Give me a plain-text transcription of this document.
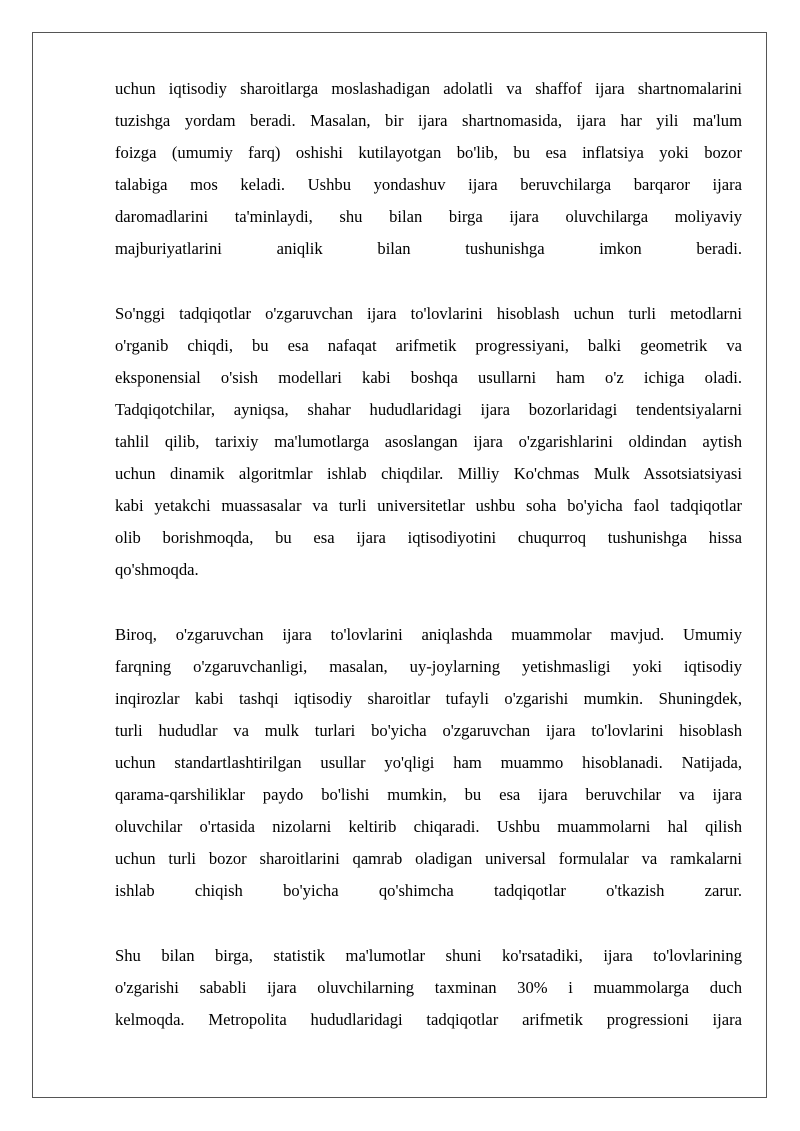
uchun iqtisodiy sharoitlarga moslashadigan adolatli va shaffof ijara shartnomalarini
tuzishga yordam beradi. Masalan, bir ijara shartnomasida, ijara har yili ma'lum
foizga (umumiy farq) oshishi kutilayotgan bo'lib, bu esa inflatsiya yoki bozor
talabiga mos keladi. Ushbu yondashuv ijara beruvchilarga barqaror ijara
daromadlarini ta'minlaydi, shu bilan birga ijara oluvchilarga moliyaviy
majburiyatlarini aniqlik bilan tushunishga imkon beradi.

So'nggi tadqiqotlar o'zgaruvchan ijara to'lovlarini hisoblash uchun turli metodlarni
o'rganib chiqdi, bu esa nafaqat arifmetik progressiyani, balki geometrik va
eksponensial o'sish modellari kabi boshqa usullarni ham o'z ichiga oladi.
Tadqiqotchilar, ayniqsa, shahar hududlaridagi ijara bozorlaridagi tendentsiyalarni
tahlil qilib, tarixiy ma'lumotlarga asoslangan ijara o'zgarishlarini oldindan aytish
uchun dinamik algoritmlar ishlab chiqdilar. Milliy Ko'chmas Mulk Assotsiatsiyasi
kabi yetakchi muassasalar va turli universitetlar ushbu soha bo'yicha faol tadqiqotlar
olib borishmoqda, bu esa ijara iqtisodiyotini chuqurroq tushunishga hissa
qo'shmoqda.

Biroq, o'zgaruvchan ijara to'lovlarini aniqlashda muammolar mavjud. Umumiy
farqning o'zgaruvchanligi, masalan, uy-joylarning yetishmasligi yoki iqtisodiy
inqirozlar kabi tashqi iqtisodiy sharoitlar tufayli o'zgarishi mumkin. Shuningdek,
turli hududlar va mulk turlari bo'yicha o'zgaruvchan ijara to'lovlarini hisoblash
uchun standartlashtirilgan usullar yo'qligi ham muammo hisoblanadi. Natijada,
qarama-qarshiliklar paydo bo'lishi mumkin, bu esa ijara beruvchilar va ijara
oluvchilar o'rtasida nizolarni keltirib chiqaradi. Ushbu muammolarni hal qilish
uchun turli bozor sharoitlarini qamrab oladigan universal formulalar va ramkalarni
ishlab chiqish bo'yicha qo'shimcha tadqiqotlar o'tkazish zarur.

Shu bilan birga, statistik ma'lumotlar shuni ko'rsatadiki, ijara to'lovlarining
o'zgarishi sababli ijara oluvchilarning taxminan 30% i muammolarga duch
kelmoqda. Metropolita hududlaridagi tadqiqotlar arifmetik progressioni ijara
